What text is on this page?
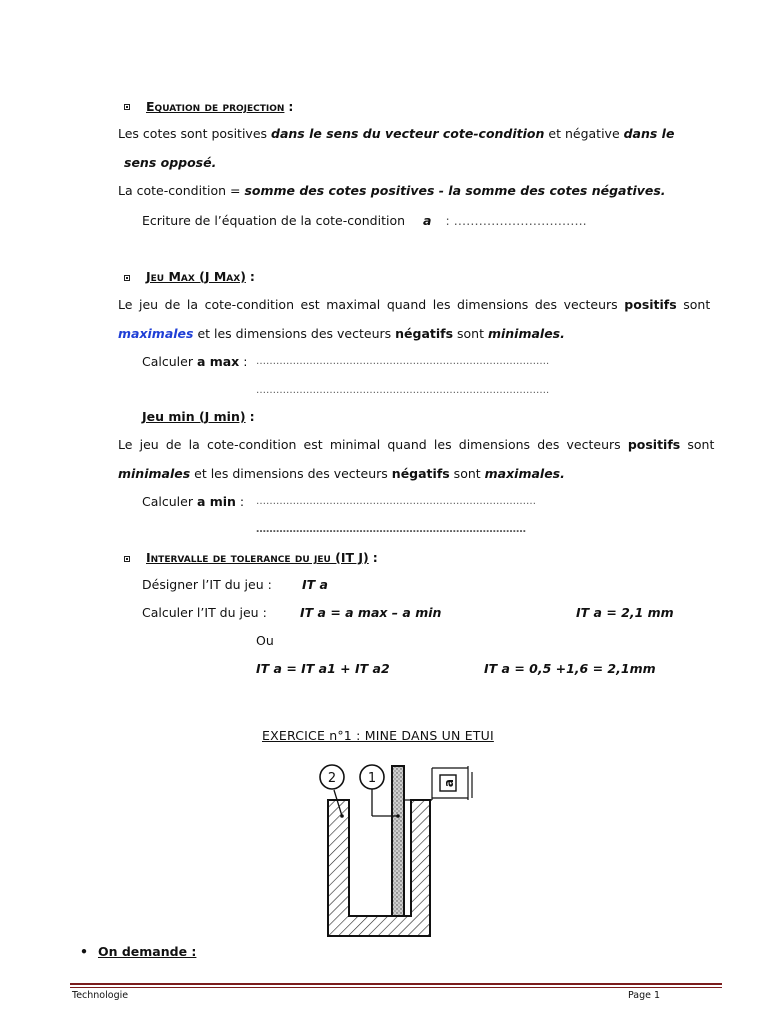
Equation de projection :
Les cotes sont positives dans le sens du vecteur cote-condition et négative dans le
sens opposé.
La cote-condition = somme des cotes positives - la somme des cotes négatives.
Ecriture de l’équation de la cote-condition a : …………………………..
Jeu Max (J Max) :
Le jeu de la cote-condition est maximal quand les dimensions des vecteurs positifs sont
maximales et les dimensions des vecteurs négatifs sont minimales.
Calculer a max : …………………………………………………………………………….
…………………………………………………………………………….
Jeu min (J min) :
Le jeu de la cote-condition est minimal quand les dimensions des vecteurs positifs sont
minimales et les dimensions des vecteurs négatifs sont maximales.
Calculer a min : …………………………………………………………………………
………………………………………………………………………
Intervalle de tolerance du jeu (IT J) :
Désigner l’IT du jeu : IT a
Calculer l’IT du jeu :	IT a = a max – a min	IT a = 2,1 mm
Ou
IT a = IT a1 + IT a2	IT a = 0,5 +1,6 = 2,1mm
EXERCICE n°1 : MINE DANS UN ETUI
2 1	a
• On demande :
Technologie	Page 1
